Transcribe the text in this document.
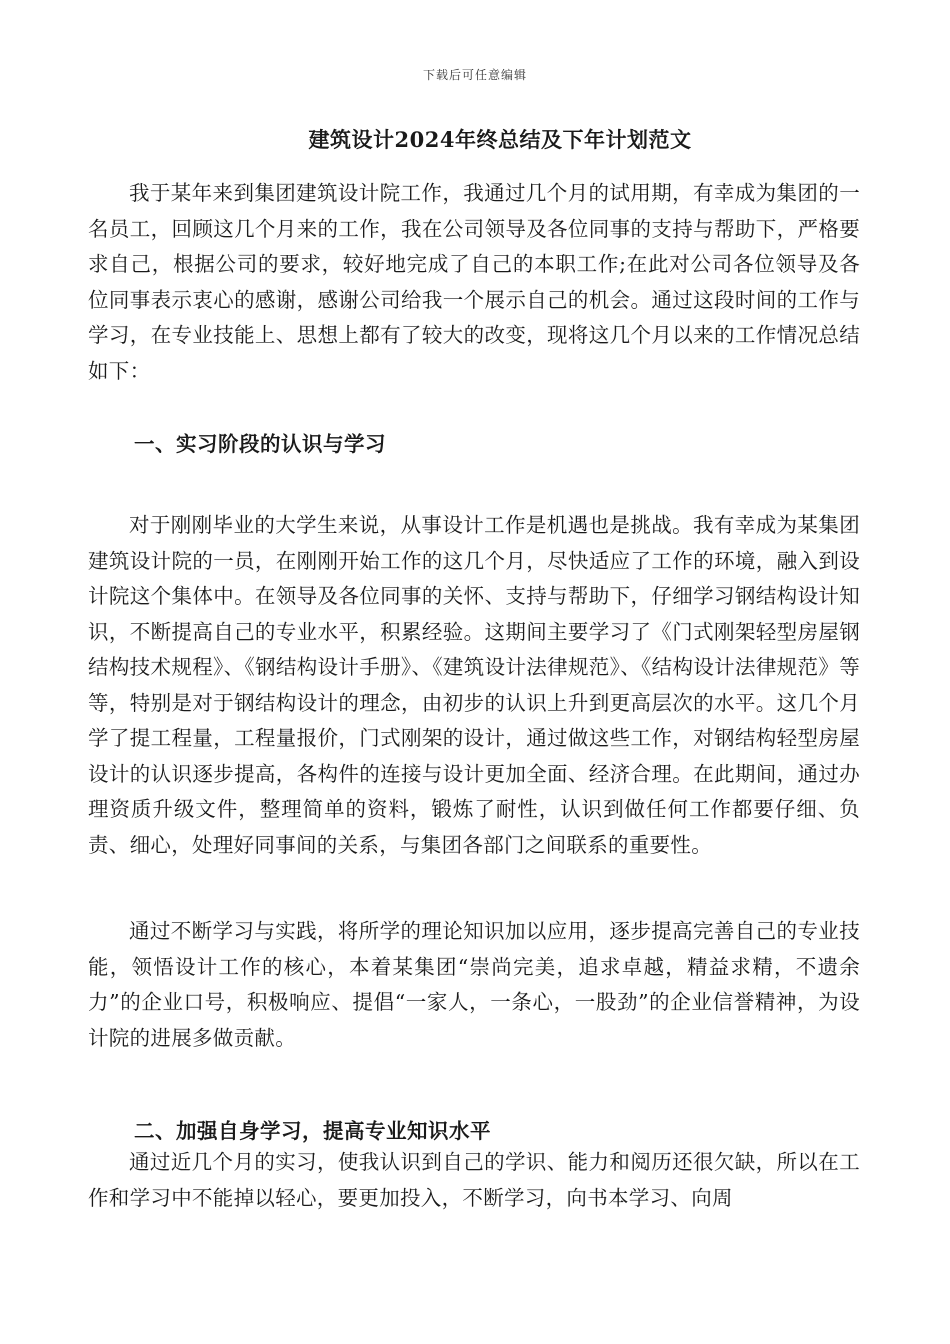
下载后可任意编辑
建筑设计2024年终总结及下年计划范文

我于某年来到集团建筑设计院工作，我通过几个月的试用期，有幸成为集团的一名员工，回顾这几个月来的工作，我在公司领导及各位同事的支持与帮助下，严格要求自己，根据公司的要求，较好地完成了自己的本职工作;在此对公司各位领导及各位同事表示衷心的感谢，感谢公司给我一个展示自己的机会。通过这段时间的工作与学习，在专业技能上、思想上都有了较大的改变，现将这几个月以来的工作情况总结如下：

一、实习阶段的认识与学习

对于刚刚毕业的大学生来说，从事设计工作是机遇也是挑战。我有幸成为某集团建筑设计院的一员，在刚刚开始工作的这几个月，尽快适应了工作的环境，融入到设计院这个集体中。在领导及各位同事的关怀、支持与帮助下，仔细学习钢结构设计知识，不断提高自己的专业水平，积累经验。这期间主要学习了《门式刚架轻型房屋钢结构技术规程》、《钢结构设计手册》、《建筑设计法律规范》、《结构设计法律规范》等等，特别是对于钢结构设计的理念，由初步的认识上升到更高层次的水平。这几个月学了提工程量，工程量报价，门式刚架的设计，通过做这些工作，对钢结构轻型房屋设计的认识逐步提高，各构件的连接与设计更加全面、经济合理。在此期间，通过办理资质升级文件，整理简单的资料，锻炼了耐性，认识到做任何工作都要仔细、负责、细心，处理好同事间的关系，与集团各部门之间联系的重要性。

通过不断学习与实践，将所学的理论知识加以应用，逐步提高完善自己的专业技能，领悟设计工作的核心，本着某集团“崇尚完美，追求卓越，精益求精，不遗余力”的企业口号，积极响应、提倡“一家人，一条心，一股劲”的企业信誉精神，为设计院的进展多做贡献。

二、加强自身学习，提高专业知识水平

通过近几个月的实习，使我认识到自己的学识、能力和阅历还很欠缺，所以在工作和学习中不能掉以轻心，要更加投入，不断学习，向书本学习、向周
